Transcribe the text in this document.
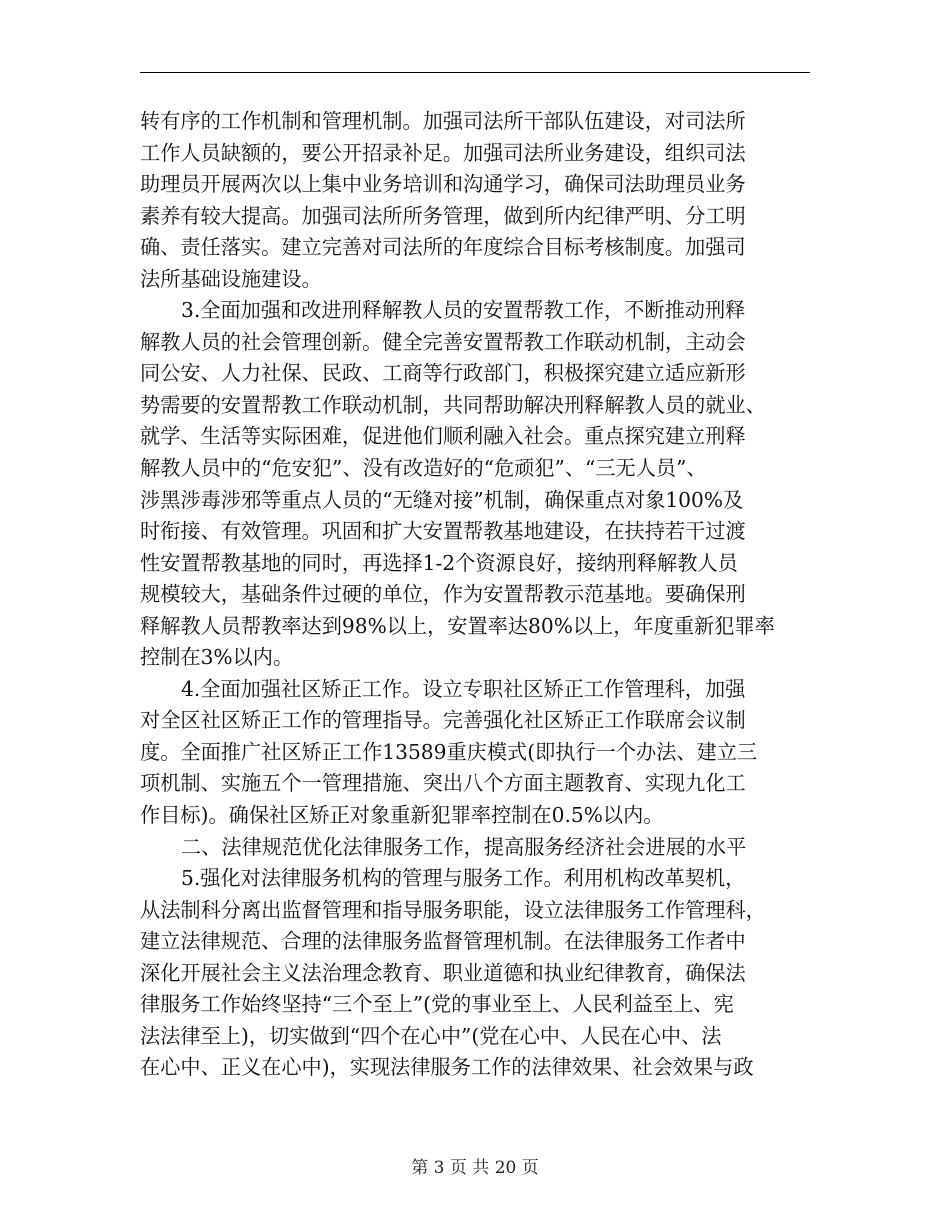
转有序的工作机制和管理机制。加强司法所干部队伍建设，对司法所
工作人员缺额的，要公开招录补足。加强司法所业务建设，组织司法
助理员开展两次以上集中业务培训和沟通学习，确保司法助理员业务
素养有较大提高。加强司法所所务管理，做到所内纪律严明、分工明
确、责任落实。建立完善对司法所的年度综合目标考核制度。加强司
法所基础设施建设。
3.全面加强和改进刑释解教人员的安置帮教工作，不断推动刑释
解教人员的社会管理创新。健全完善安置帮教工作联动机制，主动会
同公安、人力社保、民政、工商等行政部门，积极探究建立适应新形
势需要的安置帮教工作联动机制，共同帮助解决刑释解教人员的就业、
就学、生活等实际困难，促进他们顺利融入社会。重点探究建立刑释
解教人员中的“危安犯”、没有改造好的“危顽犯”、“三无人员”、
涉黑涉毒涉邪等重点人员的“无缝对接”机制，确保重点对象100%及
时衔接、有效管理。巩固和扩大安置帮教基地建设，在扶持若干过渡
性安置帮教基地的同时，再选择1-2个资源良好，接纳刑释解教人员
规模较大，基础条件过硬的单位，作为安置帮教示范基地。要确保刑
释解教人员帮教率达到98%以上，安置率达80%以上，年度重新犯罪率
控制在3%以内。
4.全面加强社区矫正工作。设立专职社区矫正工作管理科，加强
对全区社区矫正工作的管理指导。完善强化社区矫正工作联席会议制
度。全面推广社区矫正工作13589重庆模式(即执行一个办法、建立三
项机制、实施五个一管理措施、突出八个方面主题教育、实现九化工
作目标)。确保社区矫正对象重新犯罪率控制在0.5%以内。
二、法律规范优化法律服务工作，提高服务经济社会进展的水平
5.强化对法律服务机构的管理与服务工作。利用机构改革契机，
从法制科分离出监督管理和指导服务职能，设立法律服务工作管理科，
建立法律规范、合理的法律服务监督管理机制。在法律服务工作者中
深化开展社会主义法治理念教育、职业道德和执业纪律教育，确保法
律服务工作始终坚持“三个至上”(党的事业至上、人民利益至上、宪
法法律至上)，切实做到“四个在心中”(党在心中、人民在心中、法
在心中、正义在心中)，实现法律服务工作的法律效果、社会效果与政
第 3 页 共 20 页
